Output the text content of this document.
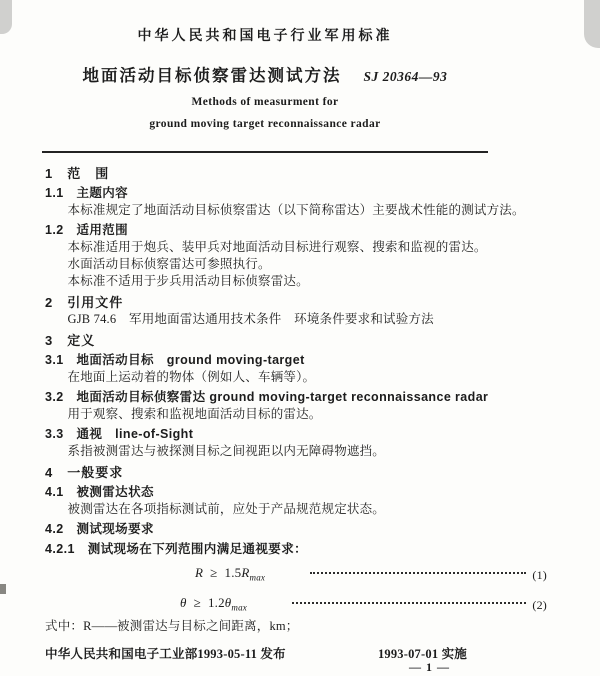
中华人民共和国电子行业军用标准
地面活动目标侦察雷达测试方法 SJ 20364—93
Methods of measurment for
ground moving target reconnaissance radar
1　范　围
1.1　主题内容
本标准规定了地面活动目标侦察雷达（以下简称雷达）主要战术性能的测试方法。
1.2　适用范围
本标准适用于炮兵、装甲兵对地面活动目标进行观察、搜索和监视的雷达。
水面活动目标侦察雷达可参照执行。
本标准不适用于步兵用活动目标侦察雷达。
2　引用文件
GJB 74.6　军用地面雷达通用技术条件　环境条件要求和试验方法
3　定义
3.1　地面活动目标　ground moving-target
在地面上运动着的物体（例如人、车辆等）。
3.2　地面活动目标侦察雷达 ground moving-target reconnaissance radar
用于观察、搜索和监视地面活动目标的雷达。
3.3　通视　line-of-Sight
系指被测雷达与被探测目标之间视距以内无障碍物遮挡。
4　一般要求
4.1　被测雷达状态
被测雷达在各项指标测试前，应处于产品规范规定状态。
4.2　测试现场要求
4.2.1　测试现场在下列范围内满足通视要求：
$R \ge 1.5R_{max}$	(1)
$\theta \ge 1.2\theta_{max}$	(2)
式中：R——被测雷达与目标之间距离，km；
中华人民共和国电子工业部1993-05-11 发布	1993-07-01 实施
— 1 —
